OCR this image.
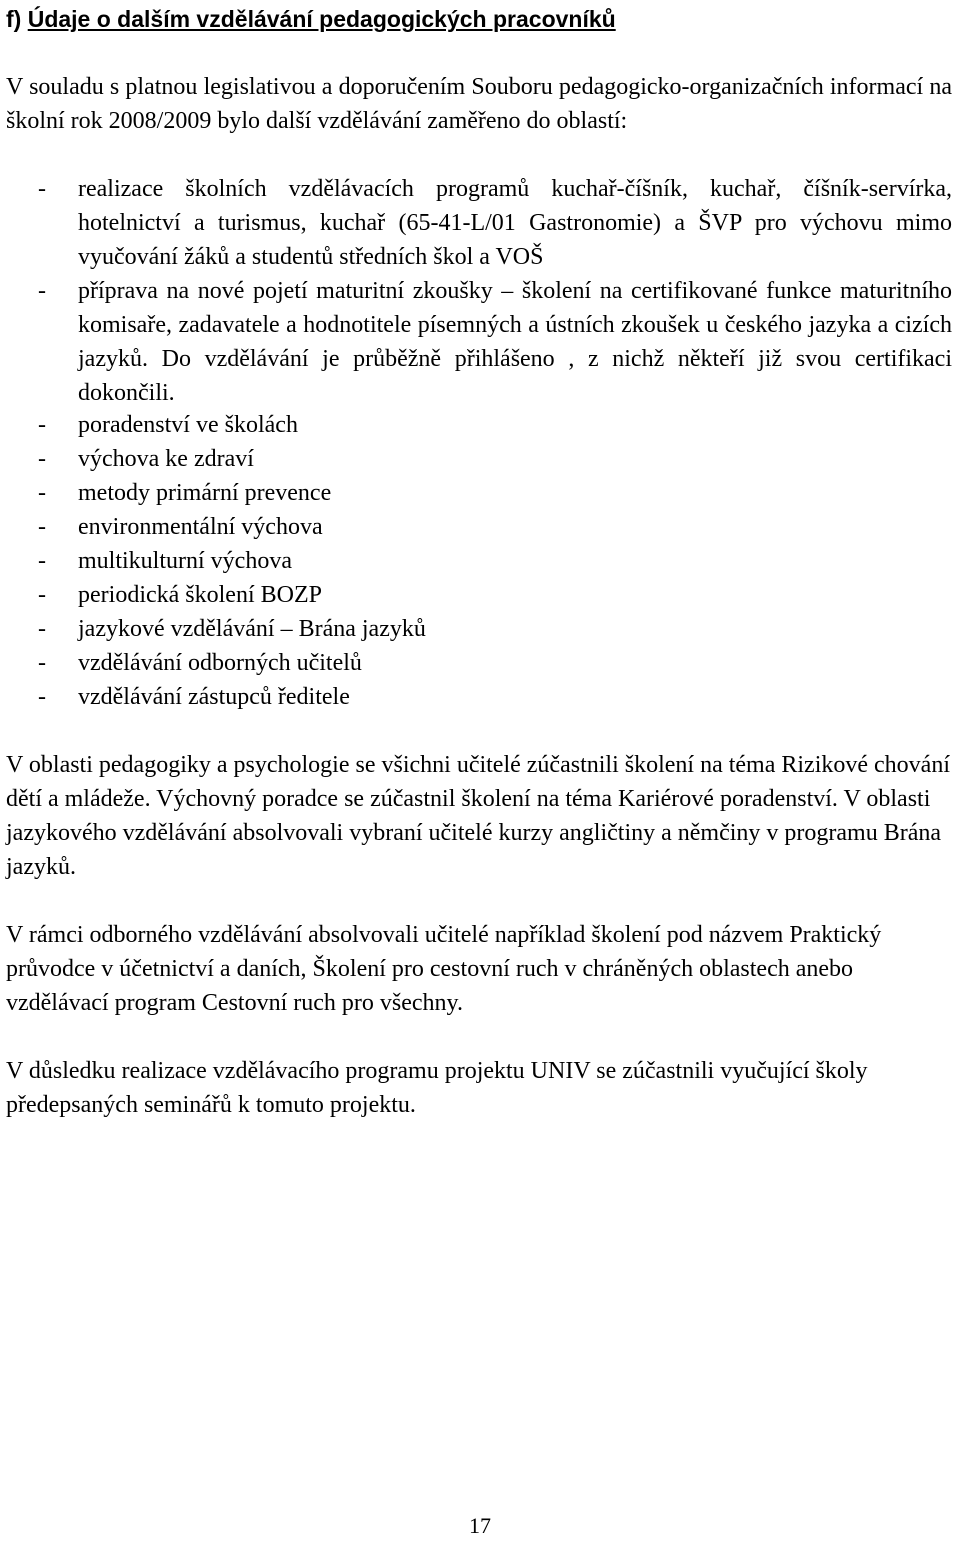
f) Údaje o dalším vzdělávání pedagogických pracovníků

V souladu s platnou legislativou a doporučením Souboru pedagogicko-organizačních informací na školní rok 2008/2009 bylo další vzdělávání zaměřeno do oblastí:

- realizace školních vzdělávacích programů kuchař-číšník, kuchař, číšník-servírka, hotelnictví a turismus, kuchař (65-41-L/01 Gastronomie) a ŠVP pro výchovu mimo vyučování žáků a studentů středních škol a VOŠ
- příprava na nové pojetí maturitní zkoušky – školení na certifikované funkce maturitního komisaře, zadavatele a hodnotitele písemných a ústních zkoušek u českého jazyka a cizích jazyků. Do vzdělávání je průběžně přihlášeno , z nichž někteří již svou certifikaci dokončili.
- poradenství ve školách
- výchova ke zdraví
- metody primární prevence
- environmentální výchova
- multikulturní výchova
- periodická školení BOZP
- jazykové vzdělávání – Brána jazyků
- vzdělávání odborných učitelů
- vzdělávání zástupců ředitele

V oblasti pedagogiky a psychologie se všichni učitelé zúčastnili školení na téma Rizikové chování dětí a mládeže. Výchovný poradce se zúčastnil školení na téma Kariérové poradenství. V oblasti jazykového vzdělávání absolvovali vybraní učitelé kurzy angličtiny a němčiny v programu Brána jazyků.

V rámci odborného vzdělávání absolvovali učitelé například školení pod názvem Praktický průvodce v účetnictví a daních, Školení pro cestovní ruch v chráněných oblastech anebo vzdělávací program Cestovní ruch pro všechny.

V důsledku realizace vzdělávacího programu projektu UNIV se zúčastnili vyučující školy předepsaných seminářů k tomuto projektu.

17
